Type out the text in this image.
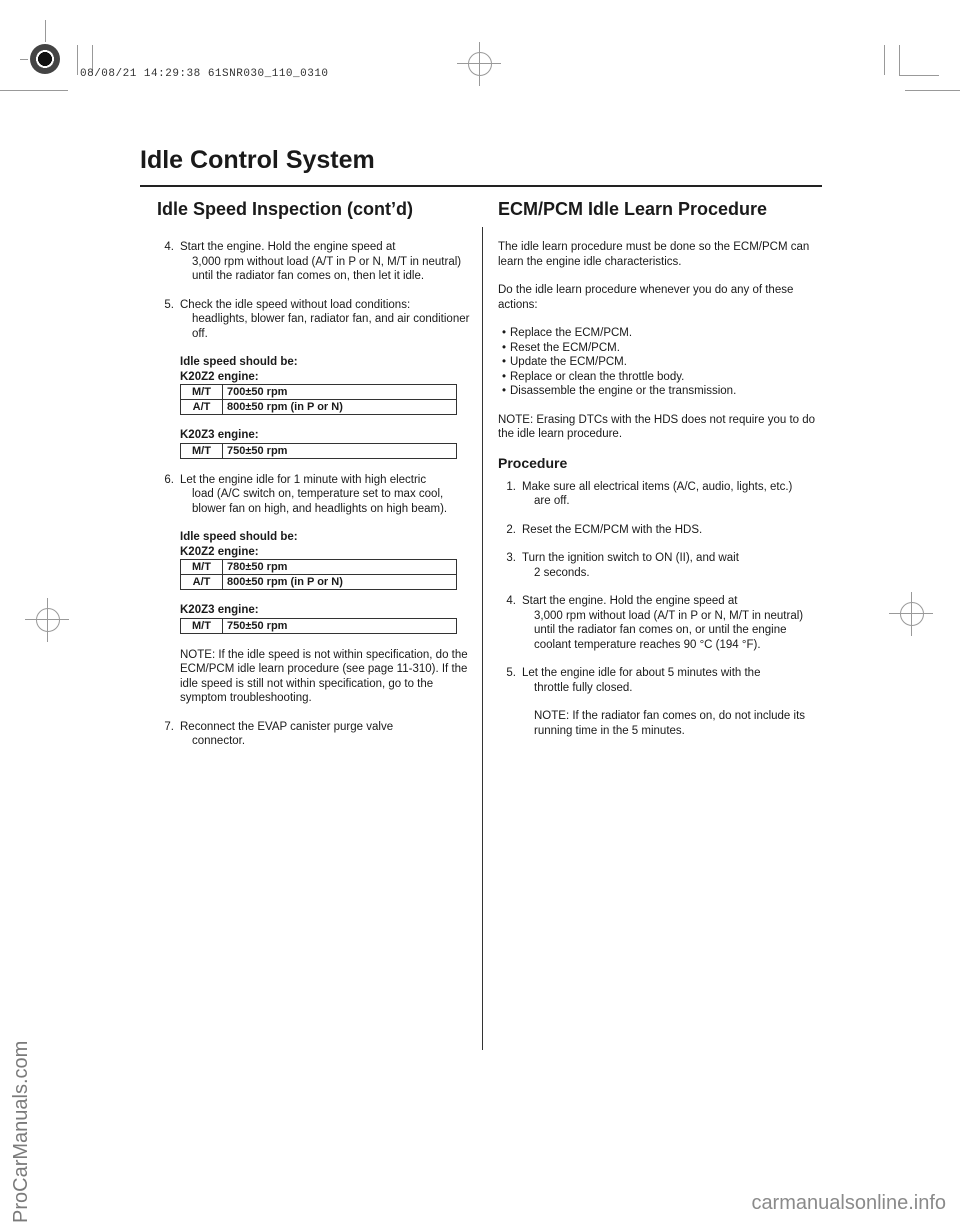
08/08/21 14:29:38 61SNR030_110_0310
Idle Control System
Idle Speed Inspection (cont’d)	ECM/PCM Idle Learn Procedure
4. Start the engine. Hold the engine speed at
3,000 rpm without load (A/T in P or N, M/T in neutral) until the radiator fan comes on, then let it idle.
5. Check the idle speed without load conditions:
headlights, blower fan, radiator fan, and air conditioner off.
Idle speed should be:
K20Z2 engine:
M/T	700±50 rpm
A/T	800±50 rpm (in P or N)
K20Z3 engine:
M/T	750±50 rpm
6. Let the engine idle for 1 minute with high electric
load (A/C switch on, temperature set to max cool, blower fan on high, and headlights on high beam).
Idle speed should be:
K20Z2 engine:
M/T	780±50 rpm
A/T	800±50 rpm (in P or N)
K20Z3 engine:
M/T	750±50 rpm

NOTE: If the idle speed is not within specification, do the ECM/PCM idle learn procedure (see page 11-310). If the idle speed is still not within specification, go to the symptom troubleshooting.

7. Reconnect the EVAP canister purge valve
connector.

The idle learn procedure must be done so the ECM/PCM can learn the engine idle characteristics.

Do the idle learn procedure whenever you do any of these actions:

• Replace the ECM/PCM.
• Reset the ECM/PCM.
• Update the ECM/PCM.
• Replace or clean the throttle body.
• Disassemble the engine or the transmission.

NOTE: Erasing DTCs with the HDS does not require you to do the idle learn procedure.

Procedure
1. Make sure all electrical items (A/C, audio, lights, etc.)
are off.
2. Reset the ECM/PCM with the HDS.
3. Turn the ignition switch to ON (II), and wait
2 seconds.
4. Start the engine. Hold the engine speed at
3,000 rpm without load (A/T in P or N, M/T in neutral) until the radiator fan comes on, or until the engine coolant temperature reaches 90 °C (194 °F).
5. Let the engine idle for about 5 minutes with the
throttle fully closed.

NOTE: If the radiator fan comes on, do not include its running time in the 5 minutes.

ProCarManuals.com	carmanualsonline.info
